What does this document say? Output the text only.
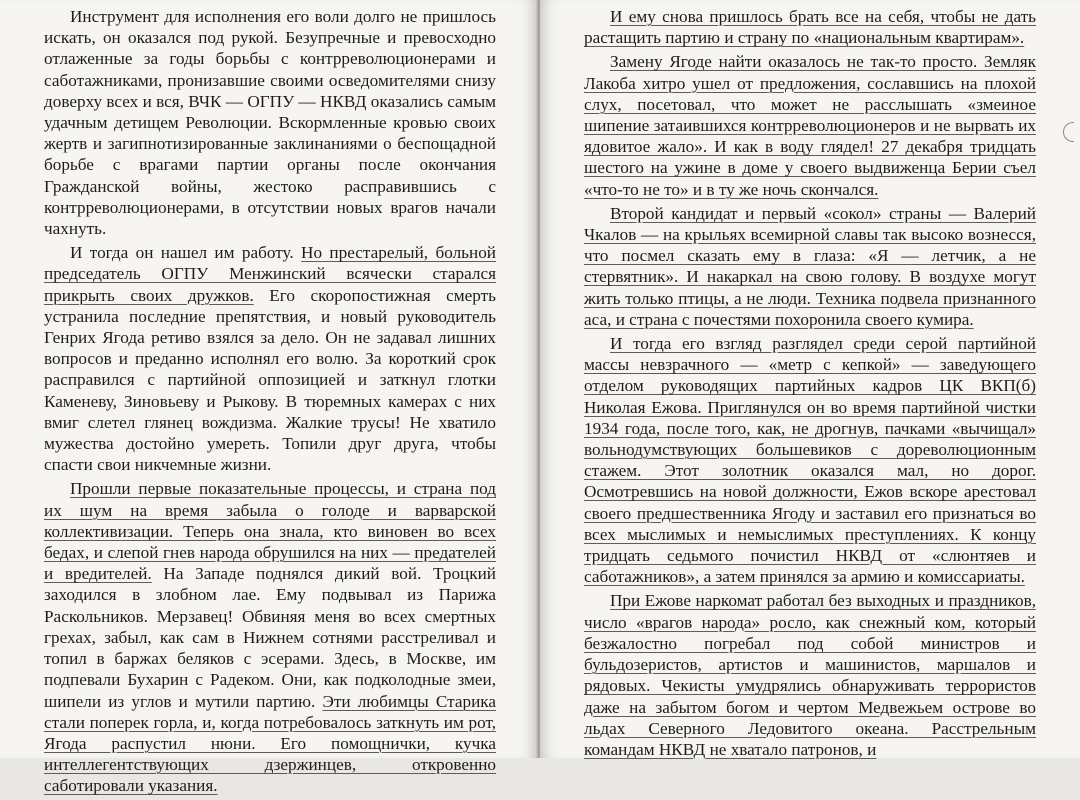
Инструмент для исполнения его воли долго не пришлось искать, он оказался под рукой. Безупречные и превосходно отлаженные за годы борьбы с контрреволюционерами и саботажниками, пронизавшие своими осведомителями снизу доверху всех и вся, ВЧК — ОГПУ — НКВД оказались самым удачным детищем Революции. Вскормленные кровью своих жертв и загипнотизированные заклинаниями о беспощадной борьбе с врагами партии органы после окончания Гражданской войны, жестоко расправившись с контрреволюционерами, в отсутствии новых врагов начали чахнуть.

И тогда он нашел им работу. Но престарелый, больной председатель ОГПУ Менжинский всячески старался прикрыть своих дружков. Его скоропостижная смерть устранила последние препятствия, и новый руководитель Генрих Ягода ретиво взялся за дело. Он не задавал лишних вопросов и преданно исполнял его волю. За короткий срок расправился с партийной оппозицией и заткнул глотки Каменеву, Зиновьеву и Рыкову. В тюремных камерах с них вмиг слетел глянец вождизма. Жалкие трусы! Не хватило мужества достойно умереть. Топили друг друга, чтобы спасти свои никчемные жизни.

Прошли первые показательные процессы, и страна под их шум на время забыла о голоде и варварской коллективизации. Теперь она знала, кто виновен во всех бедах, и слепой гнев народа обрушился на них — предателей и вредителей. На Западе поднялся дикий вой. Троцкий заходился в злобном лае. Ему подвывал из Парижа Раскольников. Мерзавец! Обвиняя меня во всех смертных грехах, забыл, как сам в Нижнем сотнями расстреливал и топил в баржах беляков с эсерами. Здесь, в Москве, им подпевали Бухарин с Радеком. Они, как подколодные змеи, шипели из углов и мутили партию. Эти любимцы Старика стали поперек горла, и, когда потребовалось заткнуть им рот, Ягода распустил нюни. Его помощнички, кучка интеллегентствующих дзержинцев, откровенно саботировали указания.

И ему снова пришлось брать все на себя, чтобы не дать растащить партию и страну по «национальным квартирам».

Замену Ягоде найти оказалось не так-то просто. Земляк Лакоба хитро ушел от предложения, сославшись на плохой слух, посетовал, что может не расслышать «змеиное шипение затаившихся контрреволюционеров и не вырвать их ядовитое жало». И как в воду глядел! 27 декабря тридцать шестого на ужине в доме у своего выдвиженца Берии съел «что-то не то» и в ту же ночь скончался.

Второй кандидат и первый «сокол» страны — Валерий Чкалов — на крыльях всемирной славы так высоко вознесся, что посмел сказать ему в глаза: «Я — летчик, а не стервятник». И накаркал на свою голову. В воздухе могут жить только птицы, а не люди. Техника подвела признанного аса, и страна с почестями похоронила своего кумира.

И тогда его взгляд разглядел среди серой партийной массы невзрачного — «метр с кепкой» — заведующего отделом руководящих партийных кадров ЦК ВКП(б) Николая Ежова. Приглянулся он во время партийной чистки 1934 года, после того, как, не дрогнув, пачками «вычищал» вольнодумствующих большевиков с дореволюционным стажем. Этот золотник оказался мал, но дорог. Осмотревшись на новой должности, Ежов вскоре арестовал своего предшественника Ягоду и заставил его признаться во всех мыслимых и немыслимых преступлениях. К концу тридцать седьмого почистил НКВД от «слюнтяев и саботажников», а затем принялся за армию и комиссариаты.

При Ежове наркомат работал без выходных и праздников, число «врагов народа» росло, как снежный ком, который безжалостно погребал под собой министров и бульдозеристов, артистов и машинистов, маршалов и рядовых. Чекисты умудрялись обнаруживать террористов даже на забытом богом и чертом Медвежьем острове во льдах Северного Ледовитого океана. Расстрельным командам НКВД не хватало патронов, и
